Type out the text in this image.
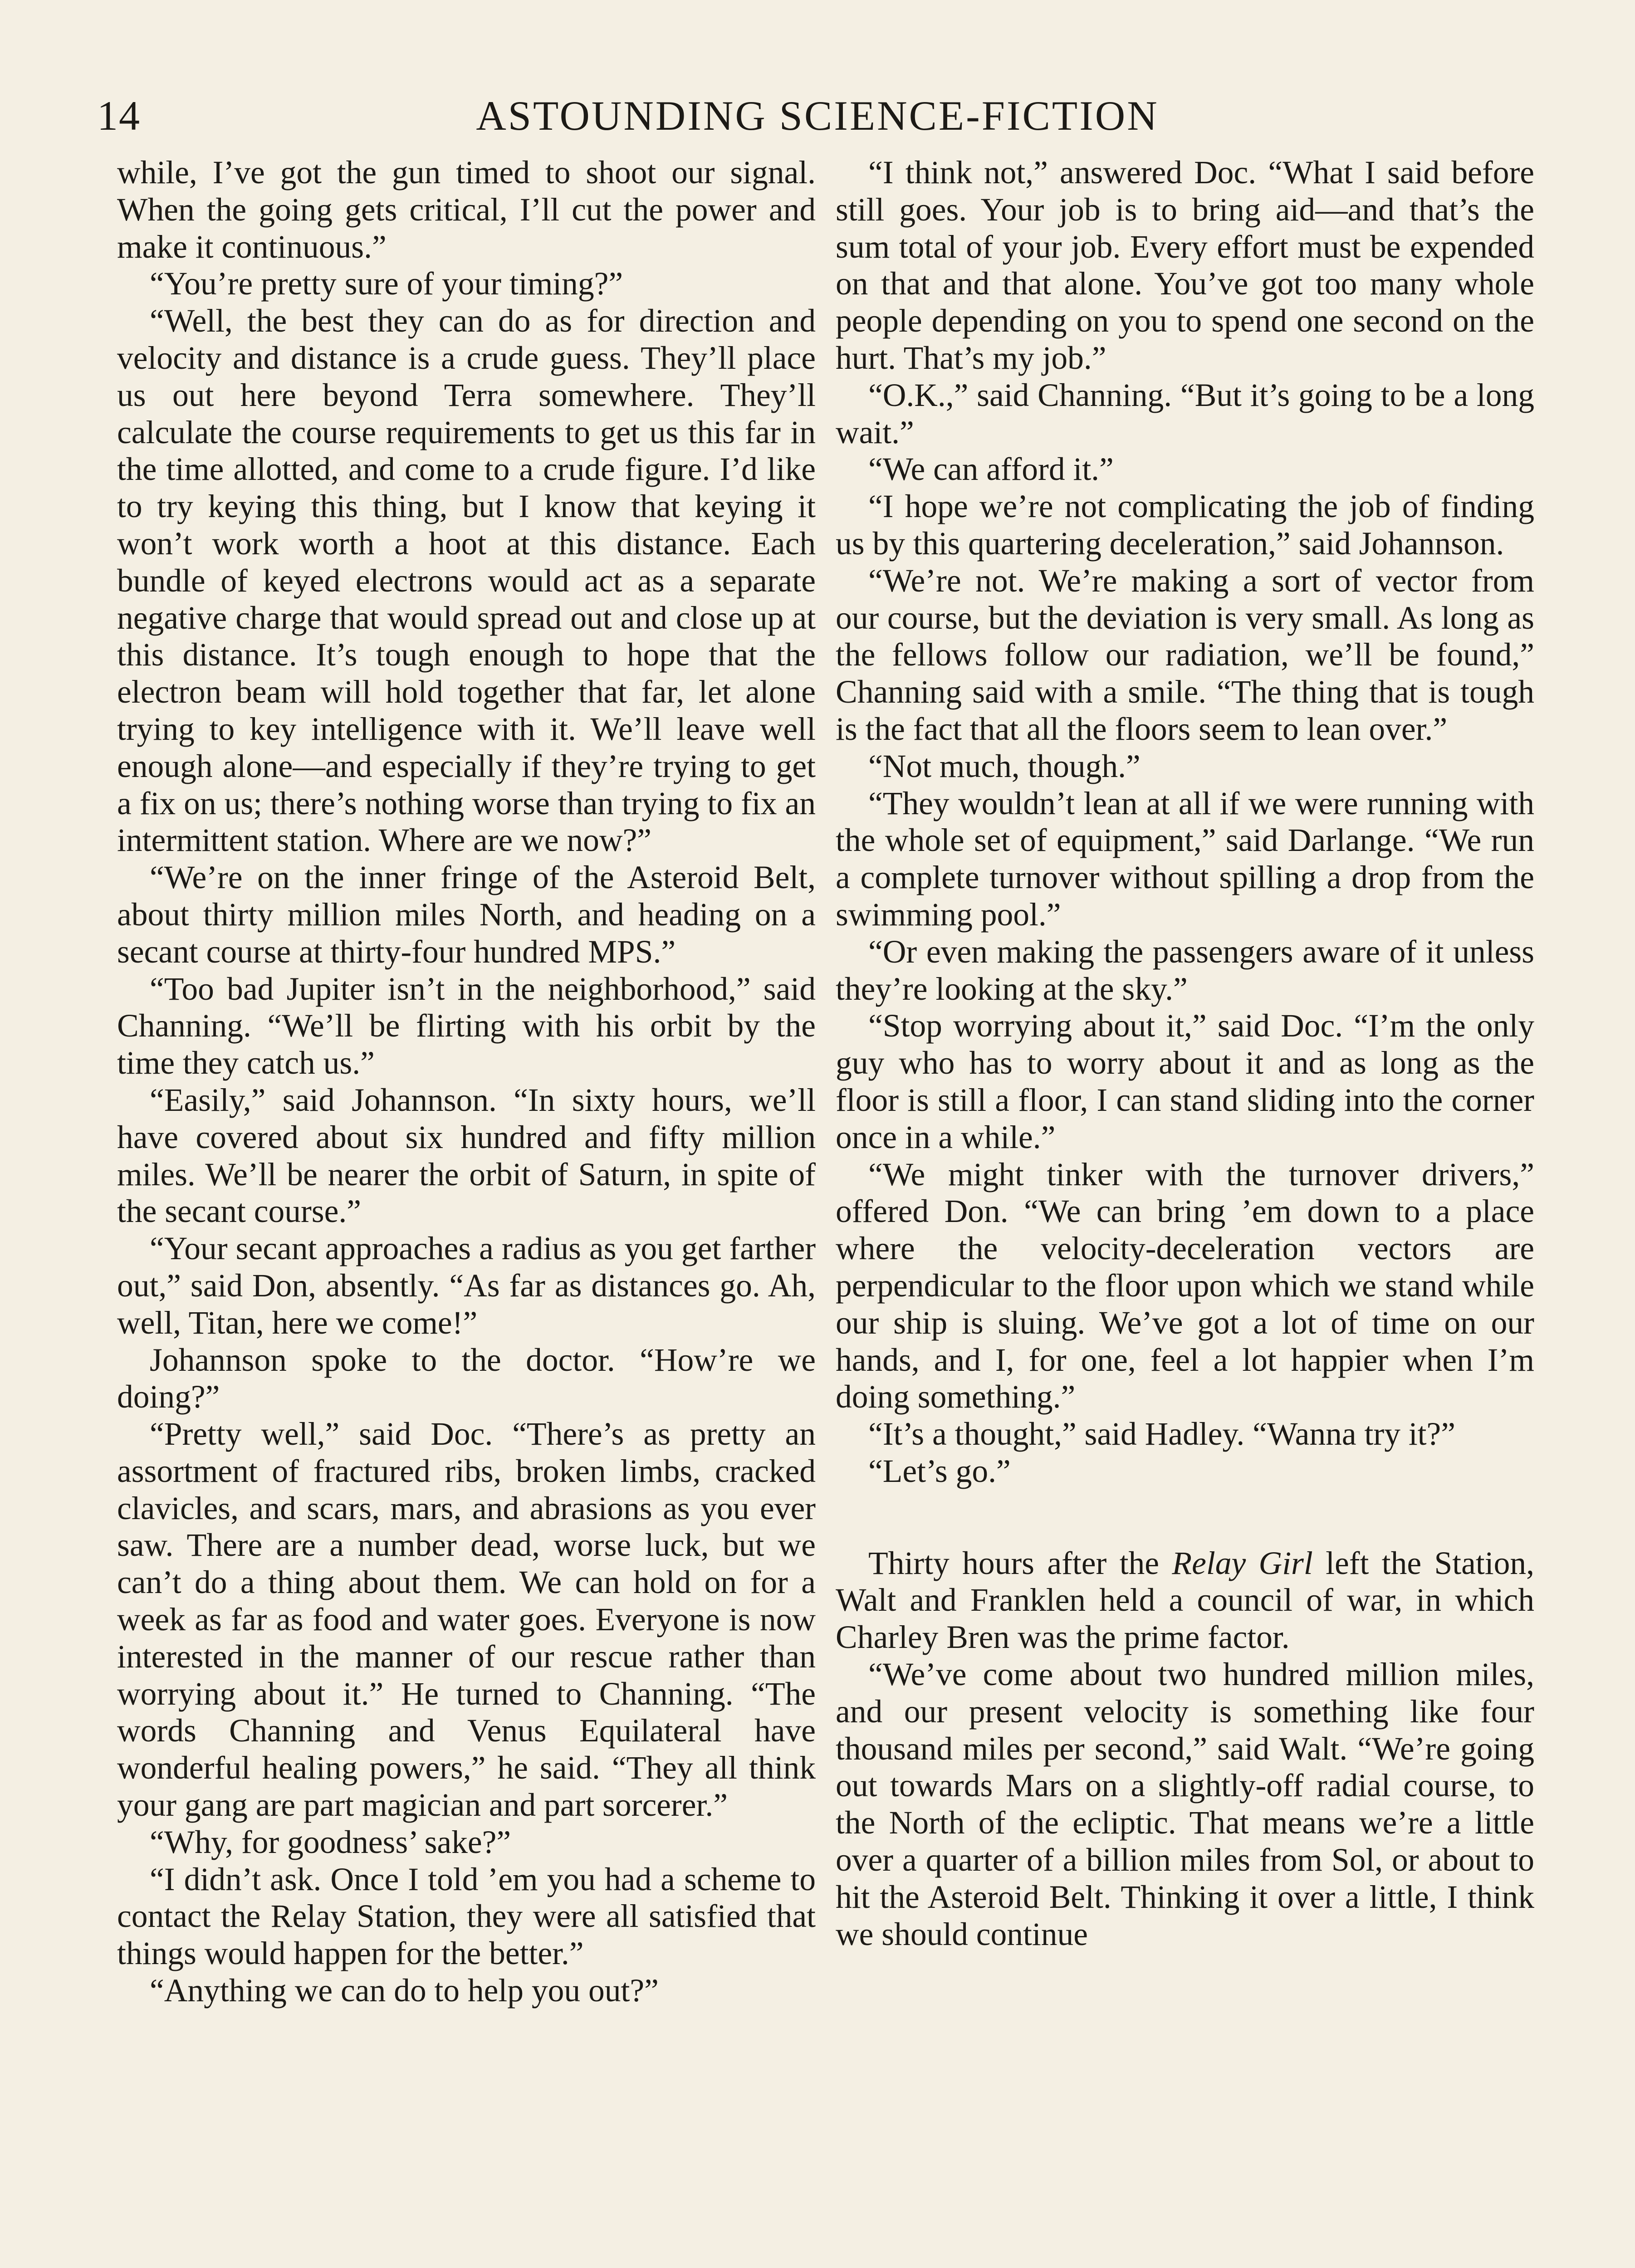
14	ASTOUNDING SCIENCE-FICTION

while, I’ve got the gun timed to shoot our signal. When the going gets critical, I’ll cut the power and make it continuous.”

“You’re pretty sure of your timing?”

“Well, the best they can do as for direction and velocity and distance is a crude guess. They’ll place us out here beyond Terra somewhere. They’ll calculate the course requirements to get us this far in the time allotted, and come to a crude figure. I’d like to try keying this thing, but I know that keying it won’t work worth a hoot at this distance. Each bundle of keyed electrons would act as a separate negative charge that would spread out and close up at this distance. It’s tough enough to hope that the electron beam will hold together that far, let alone trying to key intelligence with it. We’ll leave well enough alone—and especially if they’re trying to get a fix on us; there’s nothing worse than trying to fix an intermittent station. Where are we now?”

“We’re on the inner fringe of the Asteroid Belt, about thirty million miles North, and heading on a secant course at thirty-four hundred MPS.”

“Too bad Jupiter isn’t in the neighborhood,” said Channing. “We’ll be flirting with his orbit by the time they catch us.”

“Easily,” said Johannson. “In sixty hours, we’ll have covered about six hundred and fifty million miles. We’ll be nearer the orbit of Saturn, in spite of the secant course.”

“Your secant approaches a radius as you get farther out,” said Don, absently. “As far as distances go. Ah, well, Titan, here we come!”

Johannson spoke to the doctor. “How’re we doing?”

“Pretty well,” said Doc. “There’s as pretty an assortment of fractured ribs, broken limbs, cracked clavicles, and scars, mars, and abrasions as you ever saw. There are a number dead, worse luck, but we can’t do a thing about them. We can hold on for a week as far as food and water goes. Everyone is now interested in the manner of our rescue rather than worrying about it.” He turned to Channing. “The words Channing and Venus Equilateral have wonderful healing powers,” he said. “They all think your gang are part magician and part sorcerer.”

“Why, for goodness’ sake?”

“I didn’t ask. Once I told ’em you had a scheme to contact the Relay Station, they were all satisfied that things would happen for the better.”

“Anything we can do to help you out?”

“I think not,” answered Doc. “What I said before still goes. Your job is to bring aid—and that’s the sum total of your job. Every effort must be expended on that and that alone. You’ve got too many whole people depending on you to spend one second on the hurt. That’s my job.”

“O.K.,” said Channing. “But it’s going to be a long wait.”

“We can afford it.”

“I hope we’re not complicating the job of finding us by this quartering deceleration,” said Johannson.

“We’re not. We’re making a sort of vector from our course, but the deviation is very small. As long as the fellows follow our radiation, we’ll be found,” Channing said with a smile. “The thing that is tough is the fact that all the floors seem to lean over.”

“Not much, though.”

“They wouldn’t lean at all if we were running with the whole set of equipment,” said Darlange. “We run a complete turnover without spilling a drop from the swimming pool.”

“Or even making the passengers aware of it unless they’re looking at the sky.”

“Stop worrying about it,” said Doc. “I’m the only guy who has to worry about it and as long as the floor is still a floor, I can stand sliding into the corner once in a while.”

“We might tinker with the turnover drivers,” offered Don. “We can bring ’em down to a place where the velocity-deceleration vectors are perpendicular to the floor upon which we stand while our ship is sluing. We’ve got a lot of time on our hands, and I, for one, feel a lot happier when I’m doing something.”

“It’s a thought,” said Hadley. “Wanna try it?”

“Let’s go.”

Thirty hours after the Relay Girl left the Station, Walt and Franklen held a council of war, in which Charley Bren was the prime factor.

“We’ve come about two hundred million miles, and our present velocity is something like four thousand miles per second,” said Walt. “We’re going out towards Mars on a slightly-off radial course, to the North of the ecliptic. That means we’re a little over a quarter of a billion miles from Sol, or about to hit the Asteroid Belt. Thinking it over a little, I think we should continue
